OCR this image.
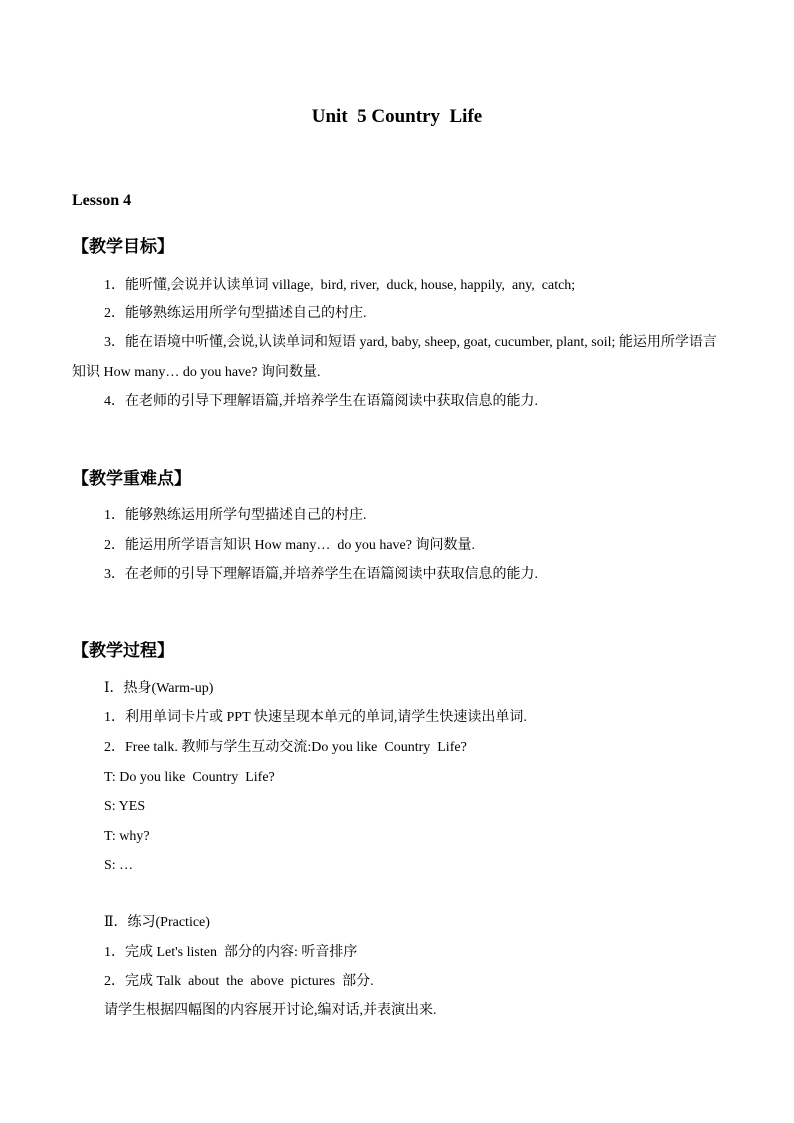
Unit  5 Country  Life
Lesson 4
【教学目标】
1．能听懂,会说并认读单词 village,  bird, river,  duck, house, happily,  any,  catch;
2．能够熟练运用所学句型描述自己的村庄.
3．能在语境中听懂,会说,认读单词和短语 yard, baby, sheep, goat, cucumber, plant, soil; 能运用所学语言知识 How many… do you have? 询问数量.
4．在老师的引导下理解语篇,并培养学生在语篇阅读中获取信息的能力.
【教学重难点】
1．能够熟练运用所学句型描述自己的村庄.
2．能运用所学语言知识 How many…  do you have? 询问数量.
3．在老师的引导下理解语篇,并培养学生在语篇阅读中获取信息的能力.
【教学过程】
Ⅰ．热身(Warm-up)
1．利用单词卡片或 PPT 快速呈现本单元的单词,请学生快速读出单词.
2．Free talk. 教师与学生互动交流:Do you like  Country  Life?
T: Do you like  Country  Life?
S: YES
T: why?
S: …
Ⅱ．练习(Practice)
1．完成 Let's listen  部分的内容: 听音排序
2．完成 Talk  about  the  above  pictures  部分.
请学生根据四幅图的内容展开讨论,编对话,并表演出来.
